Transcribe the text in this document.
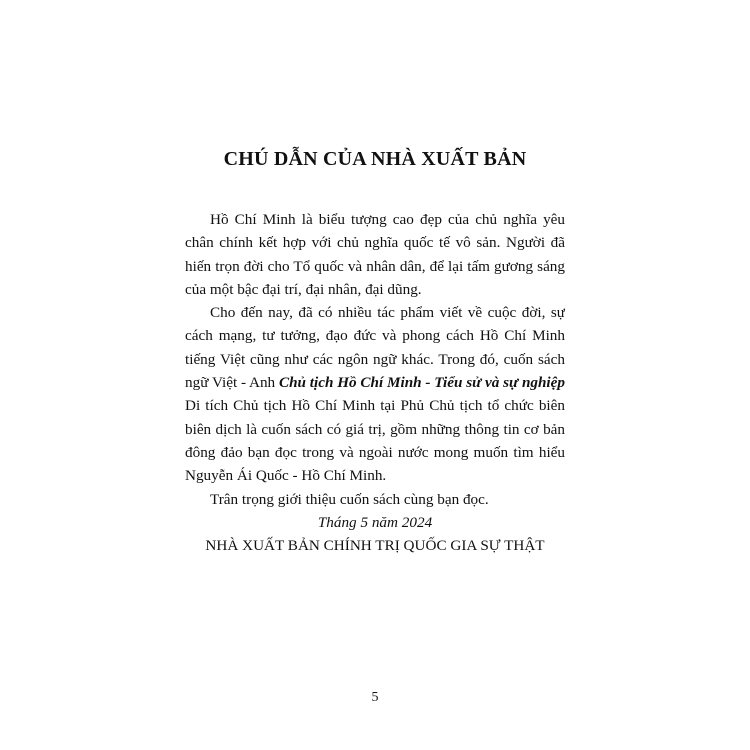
CHÚ DẪN CỦA NHÀ XUẤT BẢN
Hồ Chí Minh là biểu tượng cao đẹp của chủ nghĩa yêu
chân chính kết hợp với chủ nghĩa quốc tế vô sản. Người đã
hiến trọn đời cho Tổ quốc và nhân dân, để lại tấm gương sáng
của một bậc đại trí, đại nhân, đại dũng.
Cho đến nay, đã có nhiều tác phẩm viết về cuộc đời, sự
cách mạng, tư tưởng, đạo đức và phong cách Hồ Chí Minh
tiếng Việt cũng như các ngôn ngữ khác. Trong đó, cuốn sách
ngữ Việt - Anh Chủ tịch Hồ Chí Minh - Tiểu sử và sự nghiệp
Di tích Chủ tịch Hồ Chí Minh tại Phủ Chủ tịch tổ chức biên
biên dịch là cuốn sách có giá trị, gồm những thông tin cơ bản
đông đảo bạn đọc trong và ngoài nước mong muốn tìm hiểu
Nguyễn Ái Quốc - Hồ Chí Minh.
Trân trọng giới thiệu cuốn sách cùng bạn đọc.
Tháng 5 năm 2024
NHÀ XUẤT BẢN CHÍNH TRỊ QUỐC GIA SỰ THẬT
5
